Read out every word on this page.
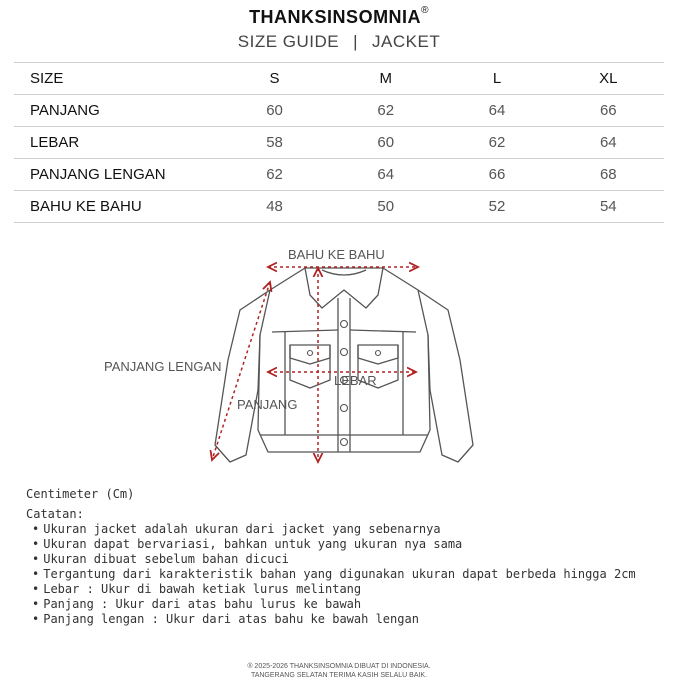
THANKSINSOMNIA®
SIZE GUIDE | JACKET
SIZE	S	M	L	XL
PANJANG	60	62	64	66
LEBAR	58	60	62	64
PANJANG LENGAN	62	64	66	68
BAHU KE BAHU	48	50	52	54
BAHU KE BAHU
PANJANG LENGAN
LEBAR
PANJANG
Centimeter (Cm)
Catatan:
• Ukuran jacket adalah ukuran dari jacket yang sebenarnya
• Ukuran dapat bervariasi, bahkan untuk yang ukuran nya sama
• Ukuran dibuat sebelum bahan dicuci
• Tergantung dari karakteristik bahan yang digunakan ukuran dapat berbeda hingga 2cm
• Lebar : Ukur di bawah ketiak lurus melintang
• Panjang : Ukur dari atas bahu lurus ke bawah
• Panjang lengan : Ukur dari atas bahu ke bawah lengan
® 2025-2026 THANKSINSOMNIA DIBUAT DI INDONESIA.
TANGERANG SELATAN TERIMA KASIH SELALU BAIK.
